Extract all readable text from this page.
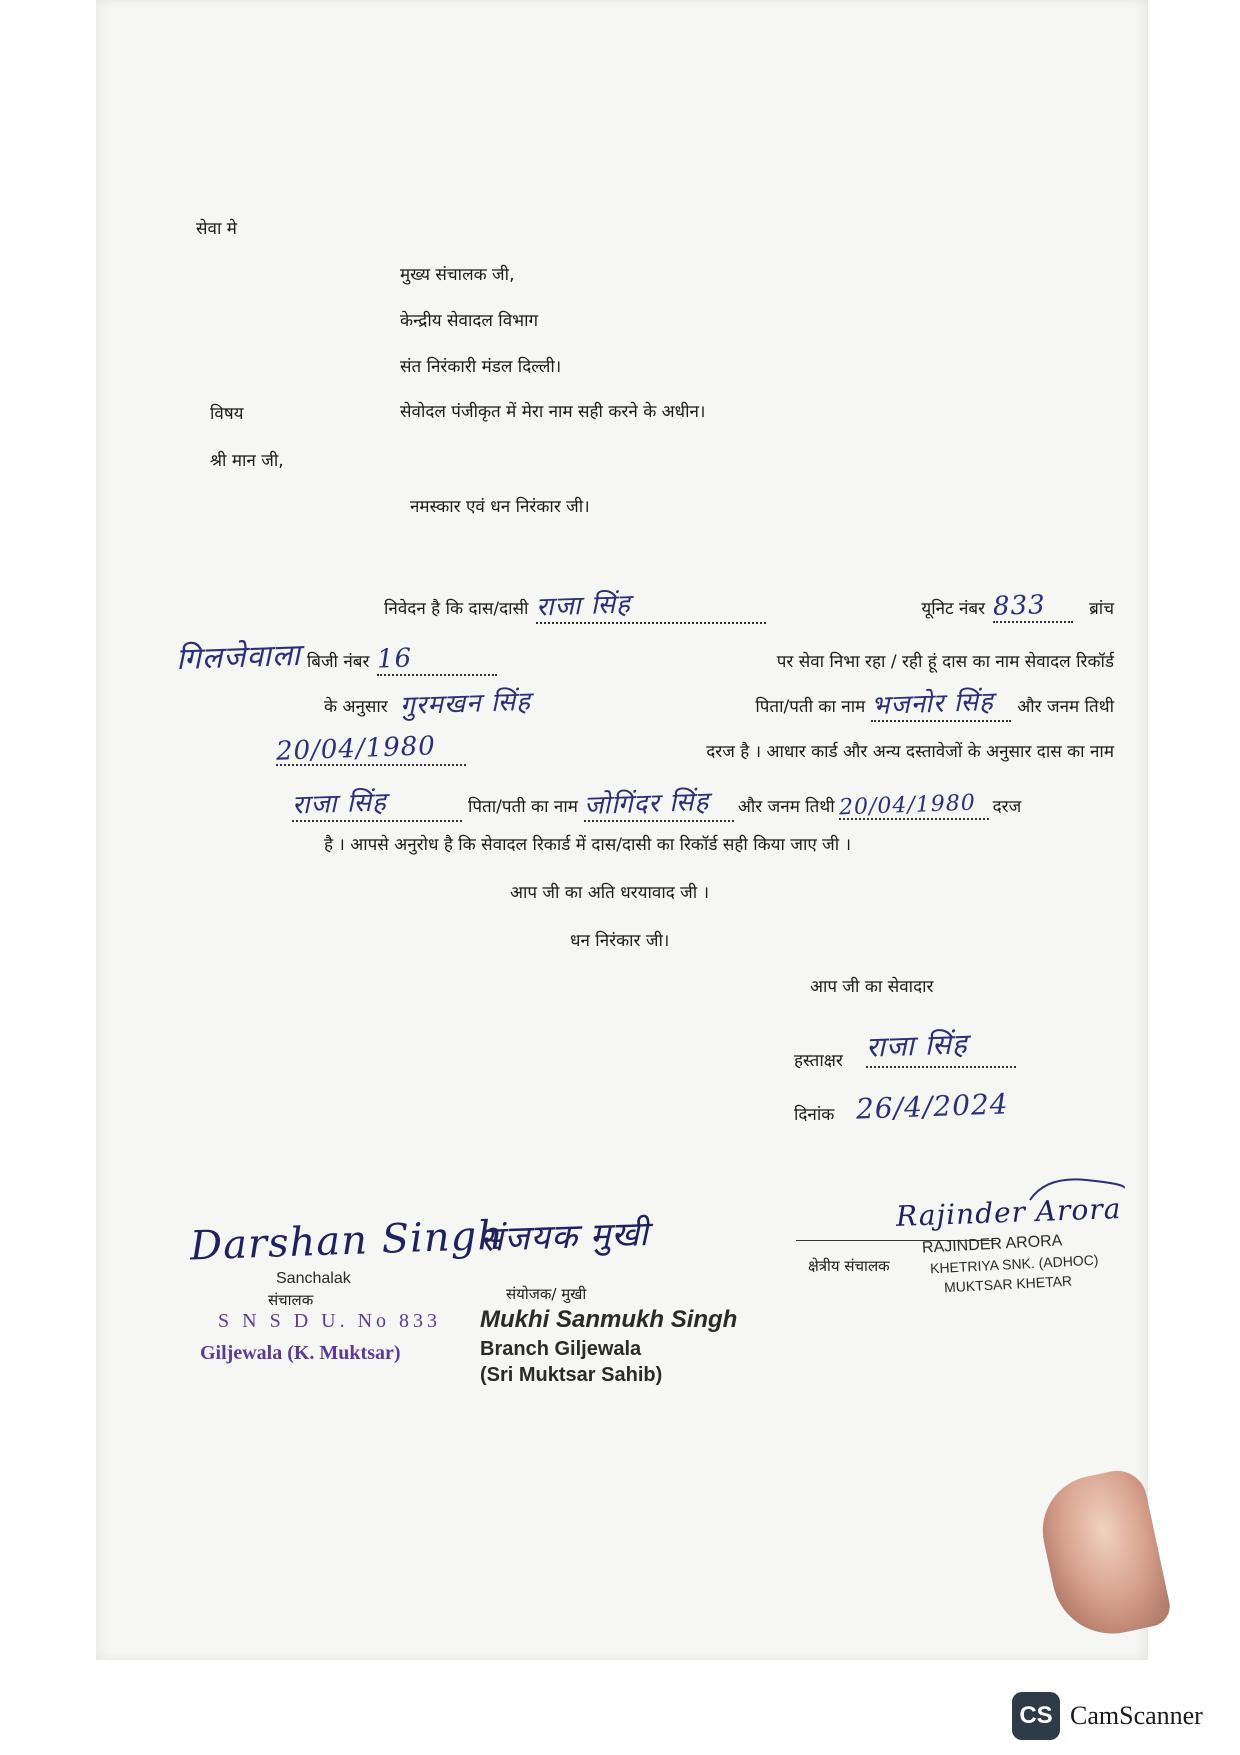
सेवा मे
मुख्य संचालक जी,
केन्द्रीय सेवादल विभाग
संत निरंकारी मंडल दिल्ली।
विषय	सेवोदल पंजीकृत में मेरा नाम सही करने के अधीन।
श्री मान जी,
नमस्कार एवं धन निरंकार जी।
निवेदन है कि दास/दासी राजा सिंह	यूनिट नंबर 833	ब्रांच
गिलजेवाला बिजी नंबर 16	पर सेवा निभा रहा / रही हूं दास का नाम सेवादल रिकॉर्ड
के अनुसार गुरमखन सिंह	पिता/पती का नाम भजनोर सिंह	और जनम तिथी
20/04/1980	दरज है । आधार कार्ड और अन्य दस्तावेजों के अनुसार दास का नाम
राजा सिंह	पिता/पती का नाम जोगिंदर सिंह	और जनम तिथी 20/04/1980 दरज
है । आपसे अनुरोध है कि सेवादल रिकार्ड में दास/दासी का रिकॉर्ड सही किया जाए जी ।
आप जी का अति धरयावाद जी ।
धन निरंकार जी।
आप जी का सेवादार
हस्ताक्षर राजा सिंह
दिनांक 26/4/2024
Darshan Singh
Sanchalak
संचालक
S N S D U. No 833
Giljewala (K. Muktsar)
संजयक मुखी
संयोजक/ मुखी
Mukhi Sanmukh Singh
Branch Giljewala
(Sri Muktsar Sahib)
Rajinder Arora
क्षेत्रीय संचालक
RAJINDER ARORA
KHETRIYA SNK. (ADHOC)
MUKTSAR KHETAR
CS CamScanner
